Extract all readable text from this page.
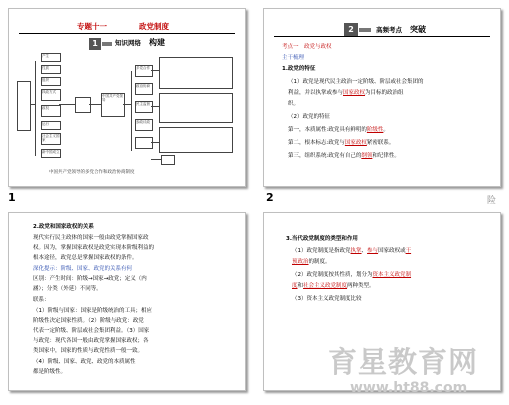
1	2	险
专题十一	政党制度
1	知识网络 构建
产生
性质
组织
执政方式
政权
运行
社会主义国家
新中国成立
中国共产党领导
多党合作
政治协商
民主监督
参政议政
中国共产党领导的多党合作和政治协商制度
2	高频考点 突破
考点一　政党与政权
主干梳理
1.政党的特征
（1）政党是现代民主政治一定阶级、阶层或社会集团的
利益，并以执掌或参与国家政权为目标的政治组
织。
（2）政党的特征
第一，本质属性:政党具有鲜明的阶级性。
第二，根本标志:政党与国家政权紧密联系。
第三，组织系统:政党有自己的纲领和纪律性。
2.政党和国家政权的关系
现代实行民主政体的国家一般由政党掌握国家政
权。因为，掌握国家政权是政党实现本阶级利益的
根本途径，政党总是掌握国家政权的条件。
深化提示：阶级、国家、政党的关系有何
区别：产生时间：阶级→国家→政党；定义（内
涵）；分类（外延）不同等。
联系：
（1）阶级与国家：国家是阶级统治的工具；相应
阶级性决定国家性质。（2）阶级与政党：政党
代表一定阶级、阶层或社会集团利益。（3）国家
与政党：现代各国一般由政党掌握国家政权；各
类国家中，国家的性质与政党性质一般一致。
（4）阶级、国家、政党、政党的本质属性
都是阶级性。
3.当代政党制度的类型和作用
（1）政党制度是指政党执掌、参与国家政权或干
预政治的制度。
（2）政党制度按其性质，划分为资本主义政党制
度和社会主义政党制度两种类型。
（3）资本主义政党制度比较
育星教育网
www.ht88.com
